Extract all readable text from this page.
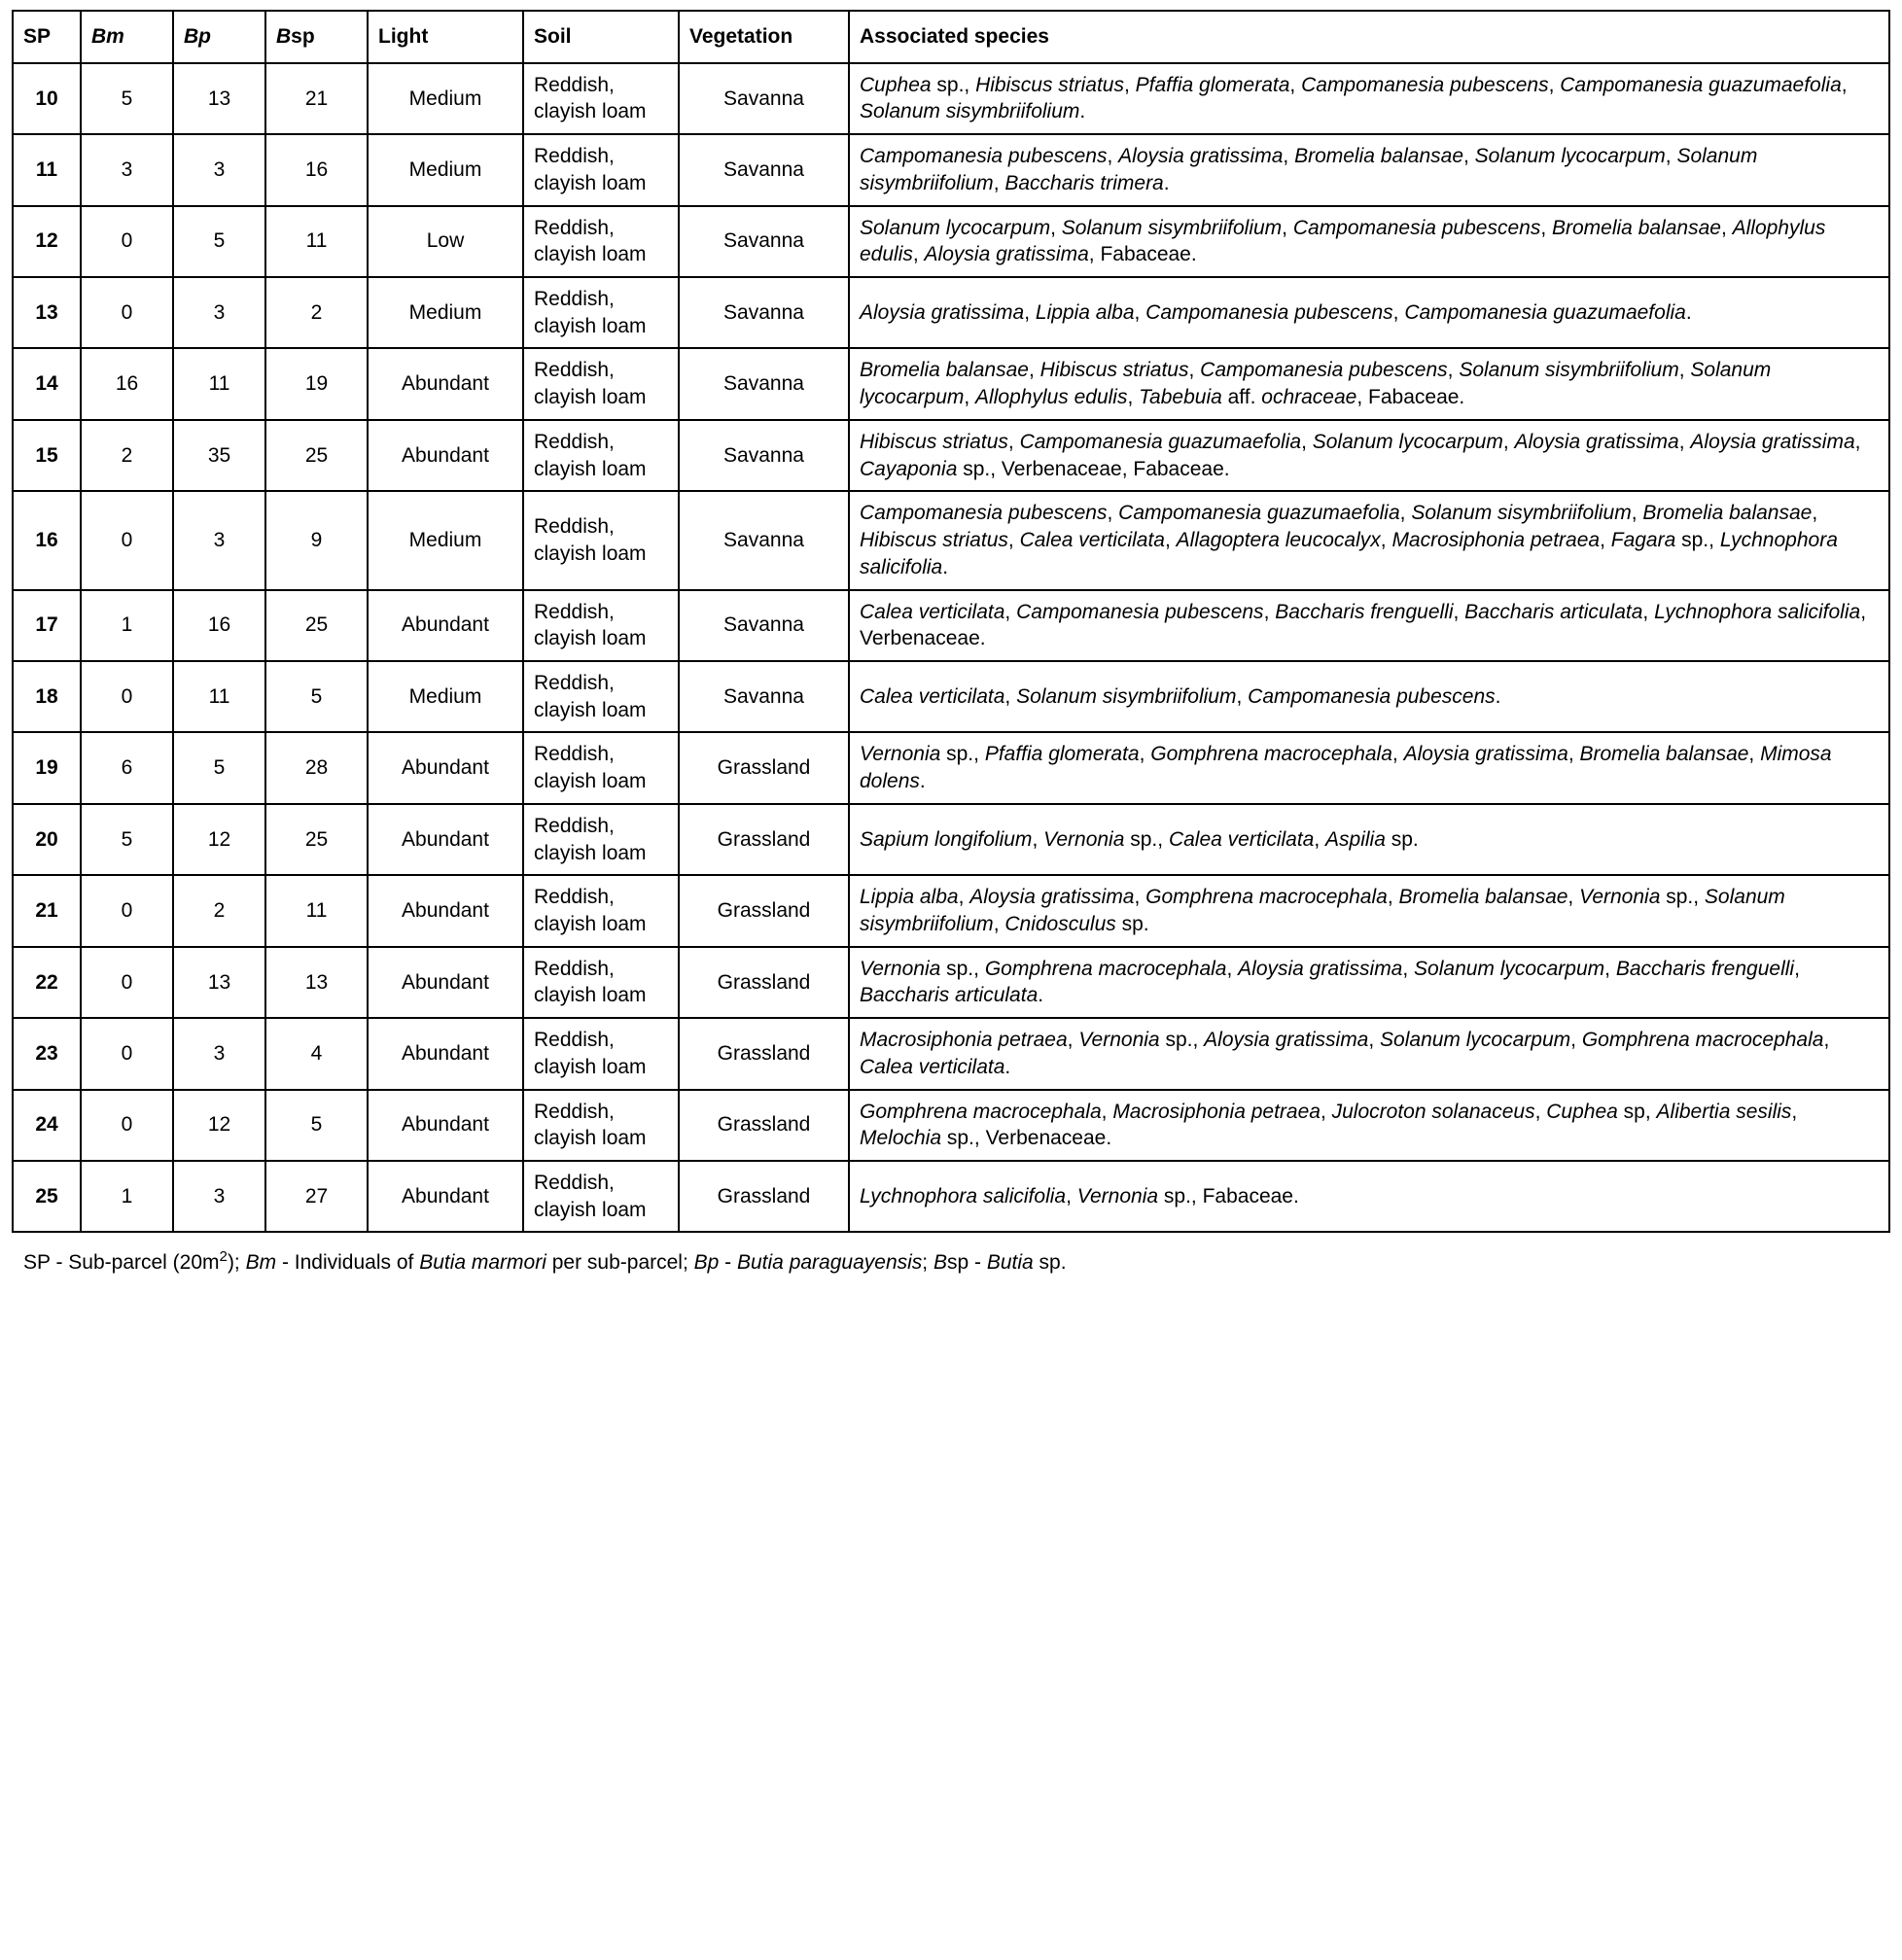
SP	Bm	Bp	Bsp	Light	Soil	Vegetation	Associated species
10	5	13	21	Medium	Reddish, clayish loam	Savanna	Cuphea sp., Hibiscus striatus, Pfaffia glomerata, Campomanesia pubescens, Campomanesia guazumaefolia, Solanum sisymbriifolium.
11	3	3	16	Medium	Reddish, clayish loam	Savanna	Campomanesia pubescens, Aloysia gratissima, Bromelia balansae, Solanum lycocarpum, Solanum sisymbriifolium, Baccharis trimera.
12	0	5	11	Low	Reddish, clayish loam	Savanna	Solanum lycocarpum, Solanum sisymbriifolium, Campomanesia pubescens, Bromelia balansae, Allophylus edulis, Aloysia gratissima, Fabaceae.
13	0	3	2	Medium	Reddish, clayish loam	Savanna	Aloysia gratissima, Lippia alba, Campomanesia pubescens, Campomanesia guazumaefolia.
14	16	11	19	Abundant	Reddish, clayish loam	Savanna	Bromelia balansae, Hibiscus striatus, Campomanesia pubescens, Solanum sisymbriifolium, Solanum lycocarpum, Allophylus edulis, Tabebuia aff. ochraceae, Fabaceae.
15	2	35	25	Abundant	Reddish, clayish loam	Savanna	Hibiscus striatus, Campomanesia guazumaefolia, Solanum lycocarpum, Aloysia gratissima, Aloysia gratissima, Cayaponia sp., Verbenaceae, Fabaceae.
16	0	3	9	Medium	Reddish, clayish loam	Savanna	Campomanesia pubescens, Campomanesia guazumaefolia, Solanum sisymbriifolium, Bromelia balansae, Hibiscus striatus, Calea verticilata, Allagoptera leucocalyx, Macrosiphonia petraea, Fagara sp., Lychnophora salicifolia.
17	1	16	25	Abundant	Reddish, clayish loam	Savanna	Calea verticilata, Campomanesia pubescens, Baccharis frenguelli, Baccharis articulata, Lychnophora salicifolia, Verbenaceae.
18	0	11	5	Medium	Reddish, clayish loam	Savanna	Calea verticilata, Solanum sisymbriifolium, Campomanesia pubescens.
19	6	5	28	Abundant	Reddish, clayish loam	Grassland	Vernonia sp., Pfaffia glomerata, Gomphrena macrocephala, Aloysia gratissima, Bromelia balansae, Mimosa dolens.
20	5	12	25	Abundant	Reddish, clayish loam	Grassland	Sapium longifolium, Vernonia sp., Calea verticilata, Aspilia sp.
21	0	2	11	Abundant	Reddish, clayish loam	Grassland	Lippia alba, Aloysia gratissima, Gomphrena macrocephala, Bromelia balansae, Vernonia sp., Solanum sisymbriifolium, Cnidosculus sp.
22	0	13	13	Abundant	Reddish, clayish loam	Grassland	Vernonia sp., Gomphrena macrocephala, Aloysia gratissima, Solanum lycocarpum, Baccharis frenguelli, Baccharis articulata.
23	0	3	4	Abundant	Reddish, clayish loam	Grassland	Macrosiphonia petraea, Vernonia sp., Aloysia gratissima, Solanum lycocarpum, Gomphrena macrocephala, Calea verticilata.
24	0	12	5	Abundant	Reddish, clayish loam	Grassland	Gomphrena macrocephala, Macrosiphonia petraea, Julocroton solanaceus, Cuphea sp, Alibertia sesilis, Melochia sp., Verbenaceae.
25	1	3	27	Abundant	Reddish, clayish loam	Grassland	Lychnophora salicifolia, Vernonia sp., Fabaceae.
SP - Sub-parcel $(20m^2)$; Bm - Individuals of Butia marmori per sub-parcel; Bp - Butia paraguayensis; Bsp - Butia sp.
